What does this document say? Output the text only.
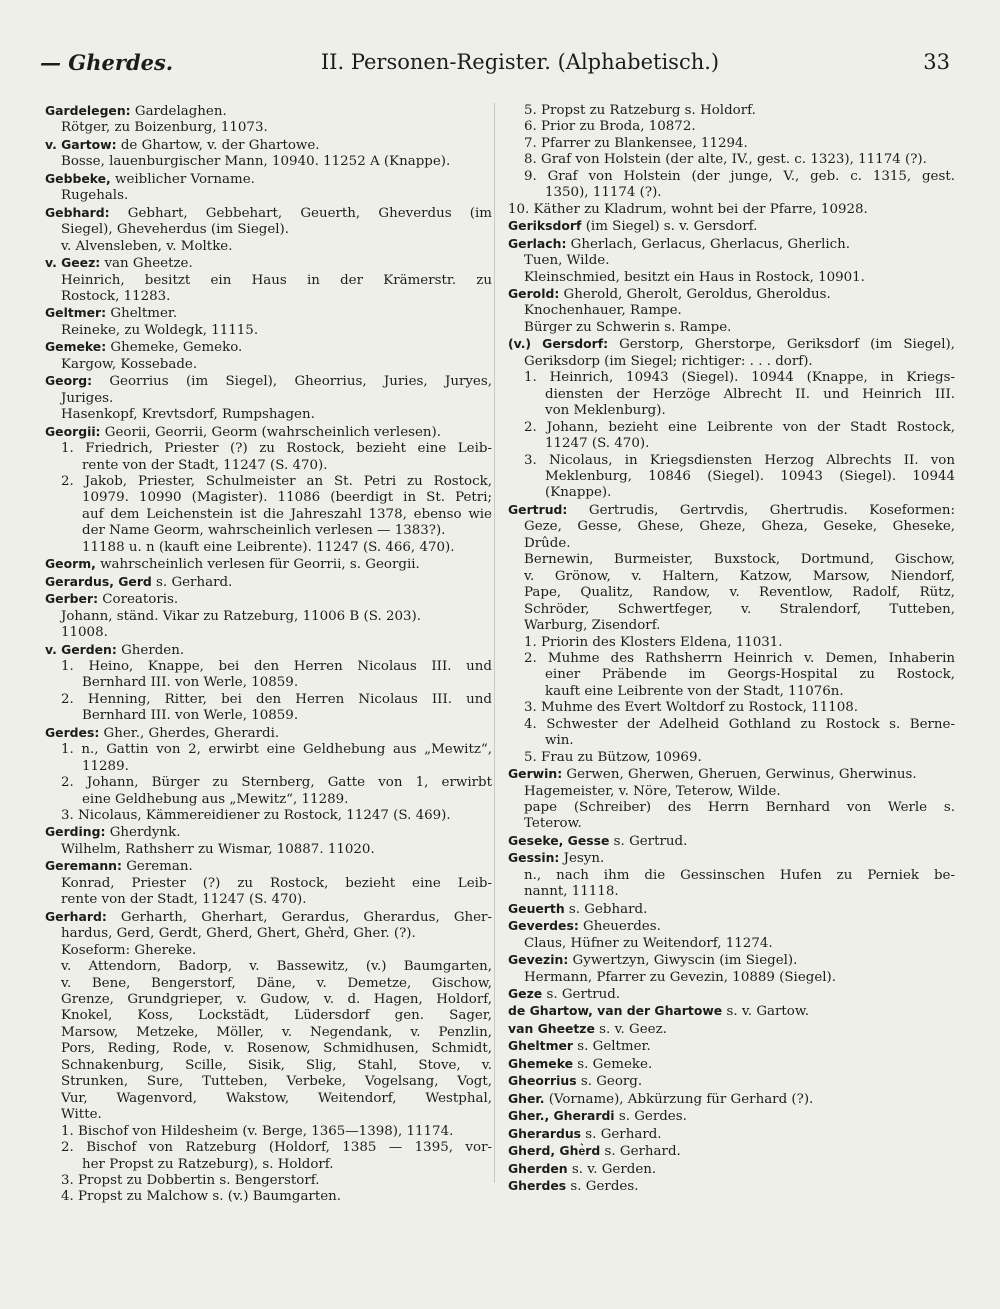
— Gherdes.	II. Personen-Register. (Alphabetisch.)	33
Gardelegen: Gardelaghen.
Rötger, zu Boizenburg, 11073.
v. Gartow: de Ghartow, v. der Ghartowe.
Bosse, lauenburgischer Mann, 10940. 11252 A (Knappe).
Gebbeke, weiblicher Vorname.
Rugehals.
Gebhard: Gebhart, Gebbehart, Geuerth, Gheverdus (im
Siegel), Gheveherdus (im Siegel).
v. Alvensleben, v. Moltke.
v. Geez: van Gheetze.
Heinrich, besitzt ein Haus in der Krämerstr. zu
Rostock, 11283.
Geltmer: Gheltmer.
Reineke, zu Woldegk, 11115.
Gemeke: Ghemeke, Gemeko.
Kargow, Kossebade.
Georg: Georrius (im Siegel), Gheorrius, Juries, Juryes,
Juriges.
Hasenkopf, Krevtsdorf, Rumpshagen.
Georgii: Georii, Georrii, Georm (wahrscheinlich verlesen).
1. Friedrich, Priester (?) zu Rostock, bezieht eine Leib-
rente von der Stadt, 11247 (S. 470).
2. Jakob, Priester, Schulmeister an St. Petri zu Rostock,
10979. 10990 (Magister). 11086 (beerdigt in St. Petri;
auf dem Leichenstein ist die Jahreszahl 1378, ebenso wie
der Name Georm, wahrscheinlich verlesen — 1383?).
11188 u. n (kauft eine Leibrente). 11247 (S. 466, 470).
Georm, wahrscheinlich verlesen für Georrii, s. Georgii.
Gerardus, Gerd s. Gerhard.
Gerber: Coreatoris.
Johann, ständ. Vikar zu Ratzeburg, 11006 B (S. 203).
11008.
v. Gerden: Gherden.
1. Heino, Knappe, bei den Herren Nicolaus III. und
Bernhard III. von Werle, 10859.
2. Henning, Ritter, bei den Herren Nicolaus III. und
Bernhard III. von Werle, 10859.
Gerdes: Gher., Gherdes, Gherardi.
1. n., Gattin von 2, erwirbt eine Geldhebung aus „Mewitz“,
11289.
2. Johann, Bürger zu Sternberg, Gatte von 1, erwirbt
eine Geldhebung aus „Mewitz“, 11289.
3. Nicolaus, Kämmereidiener zu Rostock, 11247 (S. 469).
Gerding: Gherdynk.
Wilhelm, Rathsherr zu Wismar, 10887. 11020.
Geremann: Gereman.
Konrad, Priester (?) zu Rostock, bezieht eine Leib-
rente von der Stadt, 11247 (S. 470).
Gerhard: Gerharth, Gherhart, Gerardus, Gherardus, Gher-
hardus, Gerd, Gerdt, Gherd, Ghert, Ghe͛rd, Gher. (?).
Koseform: Ghereke.
v. Attendorn, Badorp, v. Bassewitz, (v.) Baumgarten,
v. Bene, Bengerstorf, Däne, v. Demetze, Gischow,
Grenze, Grundgrieper, v. Gudow, v. d. Hagen, Holdorf,
Knokel, Koss, Lockstädt, Lüdersdorf gen. Sager,
Marsow, Metzeke, Möller, v. Negendank, v. Penzlin,
Pors, Reding, Rode, v. Rosenow, Schmidhusen, Schmidt,
Schnakenburg, Scille, Sisik, Slig, Stahl, Stove, v.
Strunken, Sure, Tutteben, Verbeke, Vogelsang, Vogt,
Vur, Wagenvord, Wakstow, Weitendorf, Westphal,
Witte.
1. Bischof von Hildesheim (v. Berge, 1365—1398), 11174.
2. Bischof von Ratzeburg (Holdorf, 1385 — 1395, vor-
her Propst zu Ratzeburg), s. Holdorf.
3. Propst zu Dobbertin s. Bengerstorf.
4. Propst zu Malchow s. (v.) Baumgarten.
5. Propst zu Ratzeburg s. Holdorf.
6. Prior zu Broda, 10872.
7. Pfarrer zu Blankensee, 11294.
8. Graf von Holstein (der alte, IV., gest. c. 1323), 11174 (?).
9. Graf von Holstein (der junge, V., geb. c. 1315, gest.
1350), 11174 (?).
10. Käther zu Kladrum, wohnt bei der Pfarre, 10928.
Geriksdorf (im Siegel) s. v. Gersdorf.
Gerlach: Gherlach, Gerlacus, Gherlacus, Gherlich.
Tuen, Wilde.
Kleinschmied, besitzt ein Haus in Rostock, 10901.
Gerold: Gherold, Gherolt, Geroldus, Gheroldus.
Knochenhauer, Rampe.
Bürger zu Schwerin s. Rampe.
(v.) Gersdorf: Gerstorp, Gherstorpe, Geriksdorf (im Siegel),
Geriksdorp (im Siegel; richtiger: . . . dorf).
1. Heinrich, 10943 (Siegel). 10944 (Knappe, in Kriegs-
diensten der Herzöge Albrecht II. und Heinrich III.
von Meklenburg).
2. Johann, bezieht eine Leibrente von der Stadt Rostock,
11247 (S. 470).
3. Nicolaus, in Kriegsdiensten Herzog Albrechts II. von
Meklenburg, 10846 (Siegel). 10943 (Siegel). 10944
(Knappe).
Gertrud: Gertrudis, Gertrvdis, Ghertrudis. Koseformen:
Geze, Gesse, Ghese, Gheze, Gheza, Geseke, Gheseke,
Drûde.
Bernewin, Burmeister, Buxstock, Dortmund, Gischow,
v. Grönow, v. Haltern, Katzow, Marsow, Niendorf,
Pape, Qualitz, Randow, v. Reventlow, Radolf, Rütz,
Schröder, Schwertfeger, v. Stralendorf, Tutteben,
Warburg, Zisendorf.
1. Priorin des Klosters Eldena, 11031.
2. Muhme des Rathsherrn Heinrich v. Demen, Inhaberin
einer Präbende im Georgs-Hospital zu Rostock,
kauft eine Leibrente von der Stadt, 11076n.
3. Muhme des Evert Woltdorf zu Rostock, 11108.
4. Schwester der Adelheid Gothland zu Rostock s. Berne-
win.
5. Frau zu Bützow, 10969.
Gerwin: Gerwen, Gherwen, Gheruen, Gerwinus, Gherwinus.
Hagemeister, v. Nöre, Teterow, Wilde.
pape (Schreiber) des Herrn Bernhard von Werle s.
Teterow.
Geseke, Gesse s. Gertrud.
Gessin: Jesyn.
n., nach ihm die Gessinschen Hufen zu Perniek be-
nannt, 11118.
Geuerth s. Gebhard.
Geverdes: Gheuerdes.
Claus, Hüfner zu Weitendorf, 11274.
Gevezin: Gywertzyn, Giwyscin (im Siegel).
Hermann, Pfarrer zu Gevezin, 10889 (Siegel).
Geze s. Gertrud.
de Ghartow, van der Ghartowe s. v. Gartow.
van Gheetze s. v. Geez.
Gheltmer s. Geltmer.
Ghemeke s. Gemeke.
Gheorrius s. Georg.
Gher. (Vorname), Abkürzung für Gerhard (?).
Gher., Gherardi s. Gerdes.
Gherardus s. Gerhard.
Gherd, Ghe͛rd s. Gerhard.
Gherden s. v. Gerden.
Gherdes s. Gerdes.
